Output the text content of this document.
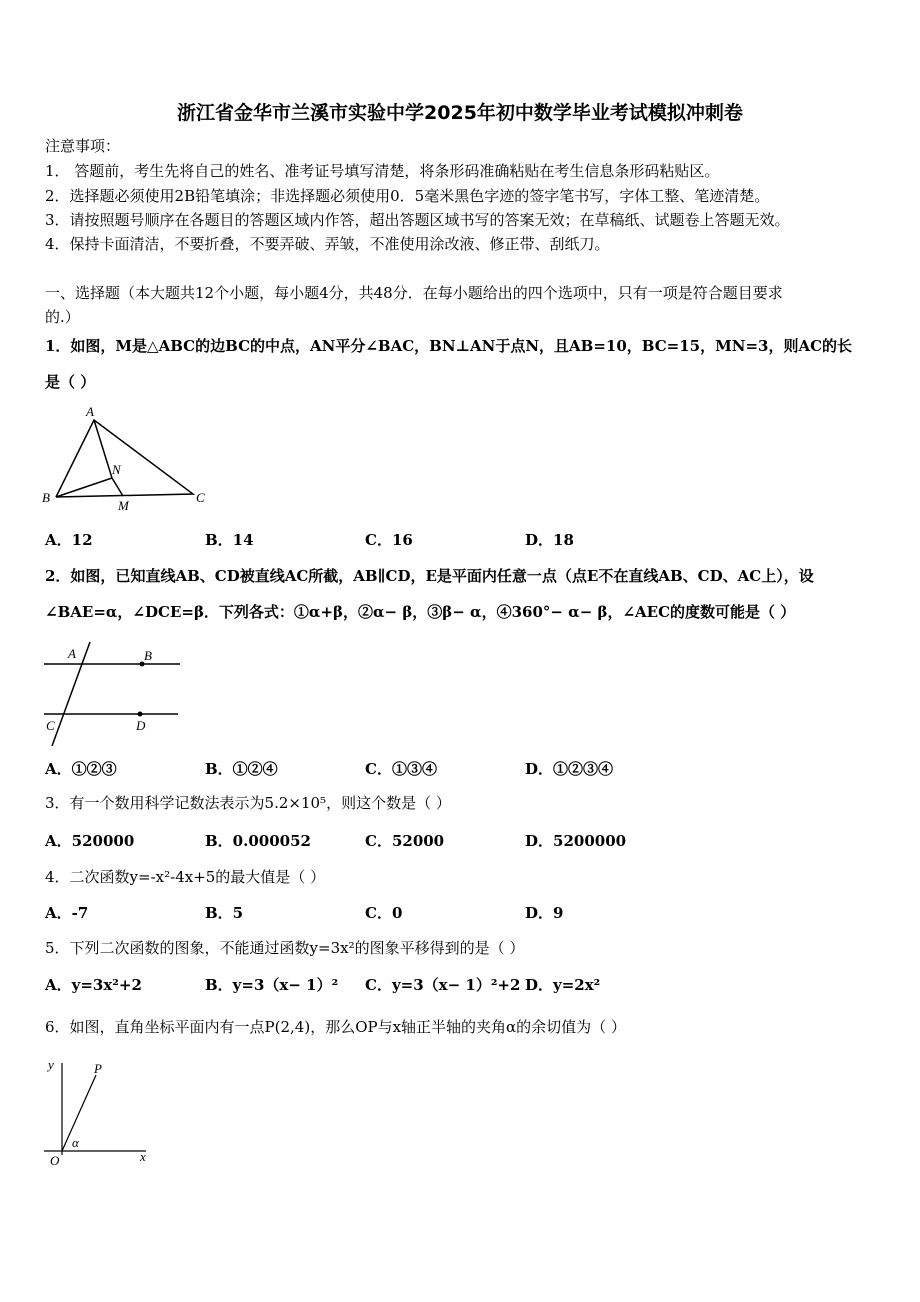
浙江省金华市兰溪市实验中学2025年初中数学毕业考试模拟冲刺卷
注意事项：
1． 答题前，考生先将自己的姓名、准考证号填写清楚，将条形码准确粘贴在考生信息条形码粘贴区。
2．选择题必须使用2B铅笔填涂；非选择题必须使用0．5毫米黑色字迹的签字笔书写，字体工整、笔迹清楚。
3．请按照题号顺序在各题目的答题区域内作答，超出答题区域书写的答案无效；在草稿纸、试题卷上答题无效。
4．保持卡面清洁，不要折叠，不要弄破、弄皱，不准使用涂改液、修正带、刮纸刀。
一、选择题（本大题共12个小题，每小题4分，共48分．在每小题给出的四个选项中，只有一项是符合题目要求
的.）
1．如图，M是△ABC的边BC的中点，AN平分∠BAC，BN⊥AN于点N，且AB=10，BC=15，MN=3，则AC的长
是（ ）
A
N
B
M
C
A．12	B．14	C．16	D．18
2．如图，已知直线AB、CD被直线AC所截，AB∥CD，E是平面内任意一点（点E不在直线AB、CD、AC上），设
∠BAE=α，∠DCE=β．下列各式：①α+β，②α− β，③β− α，④360°− α− β，∠AEC的度数可能是（ ）
A	B
C	D
A．①②③	B．①②④	C．①③④	D．①②③④
3．有一个数用科学记数法表示为5.2×10⁵，则这个数是（ ）
A．520000	B．0.000052	C．52000	D．5200000
4．二次函数y=-x²-4x+5的最大值是（ ）
A．-7	B．5	C．0	D．9
5．下列二次函数的图象，不能通过函数y=3x²的图象平移得到的是（ ）
A．y=3x²+2	B．y=3（x− 1）² C．y=3（x− 1）²+2 D．y=2x²
6．如图，直角坐标平面内有一点P(2,4)，那么OP与x轴正半轴的夹角α的余切值为（ ）
y	P
α
O	x
